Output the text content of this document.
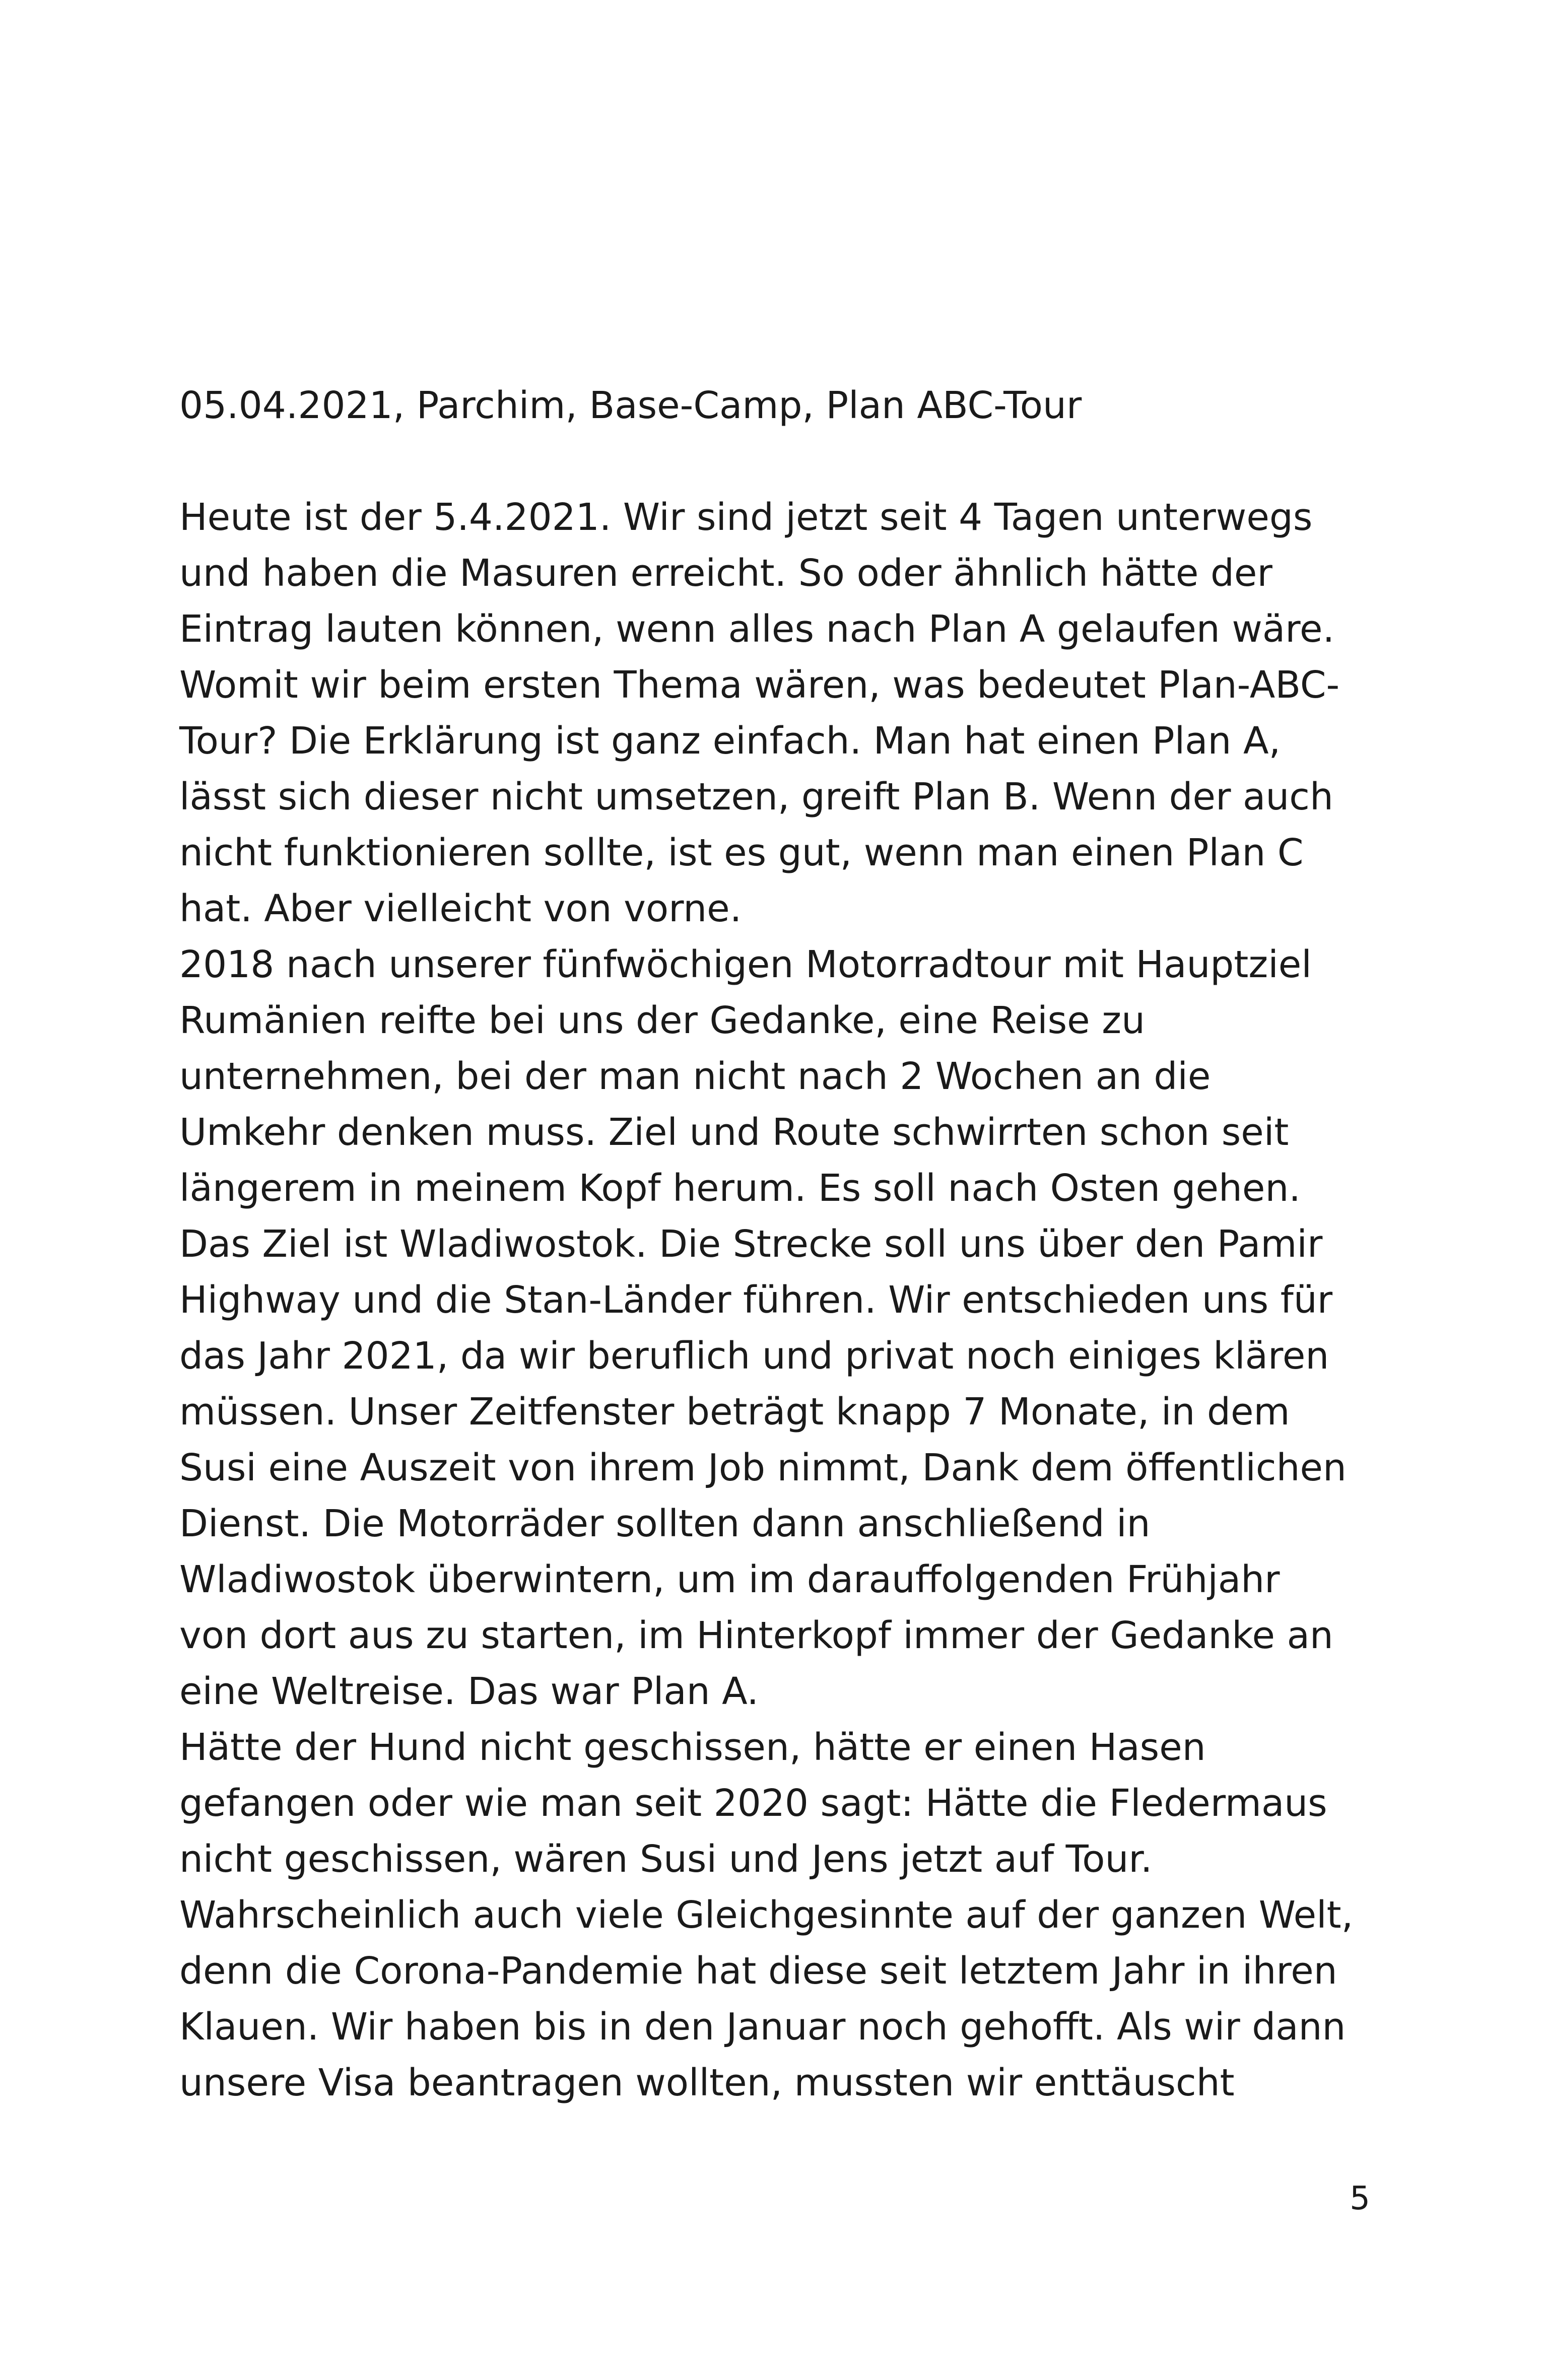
05.04.2021, Parchim, Base-Camp, Plan ABC-Tour

Heute ist der 5.4.2021. Wir sind jetzt seit 4 Tagen unterwegs
und haben die Masuren erreicht. So oder ähnlich hätte der
Eintrag lauten können, wenn alles nach Plan A gelaufen wäre.
Womit wir beim ersten Thema wären, was bedeutet Plan-ABC-
Tour? Die Erklärung ist ganz einfach. Man hat einen Plan A,
lässt sich dieser nicht umsetzen, greift Plan B. Wenn der auch
nicht funktionieren sollte, ist es gut, wenn man einen Plan C
hat. Aber vielleicht von vorne.
2018 nach unserer fünfwöchigen Motorradtour mit Hauptziel
Rumänien reifte bei uns der Gedanke, eine Reise zu
unternehmen, bei der man nicht nach 2 Wochen an die
Umkehr denken muss. Ziel und Route schwirrten schon seit
längerem in meinem Kopf herum. Es soll nach Osten gehen.
Das Ziel ist Wladiwostok. Die Strecke soll uns über den Pamir
Highway und die Stan-Länder führen. Wir entschieden uns für
das Jahr 2021, da wir beruflich und privat noch einiges klären
müssen. Unser Zeitfenster beträgt knapp 7 Monate, in dem
Susi eine Auszeit von ihrem Job nimmt, Dank dem öffentlichen
Dienst. Die Motorräder sollten dann anschließend in
Wladiwostok überwintern, um im darauffolgenden Frühjahr
von dort aus zu starten, im Hinterkopf immer der Gedanke an
eine Weltreise. Das war Plan A.
Hätte der Hund nicht geschissen, hätte er einen Hasen
gefangen oder wie man seit 2020 sagt: Hätte die Fledermaus
nicht geschissen, wären Susi und Jens jetzt auf Tour.
Wahrscheinlich auch viele Gleichgesinnte auf der ganzen Welt,
denn die Corona-Pandemie hat diese seit letztem Jahr in ihren
Klauen. Wir haben bis in den Januar noch gehofft. Als wir dann
unsere Visa beantragen wollten, mussten wir enttäuscht
5
